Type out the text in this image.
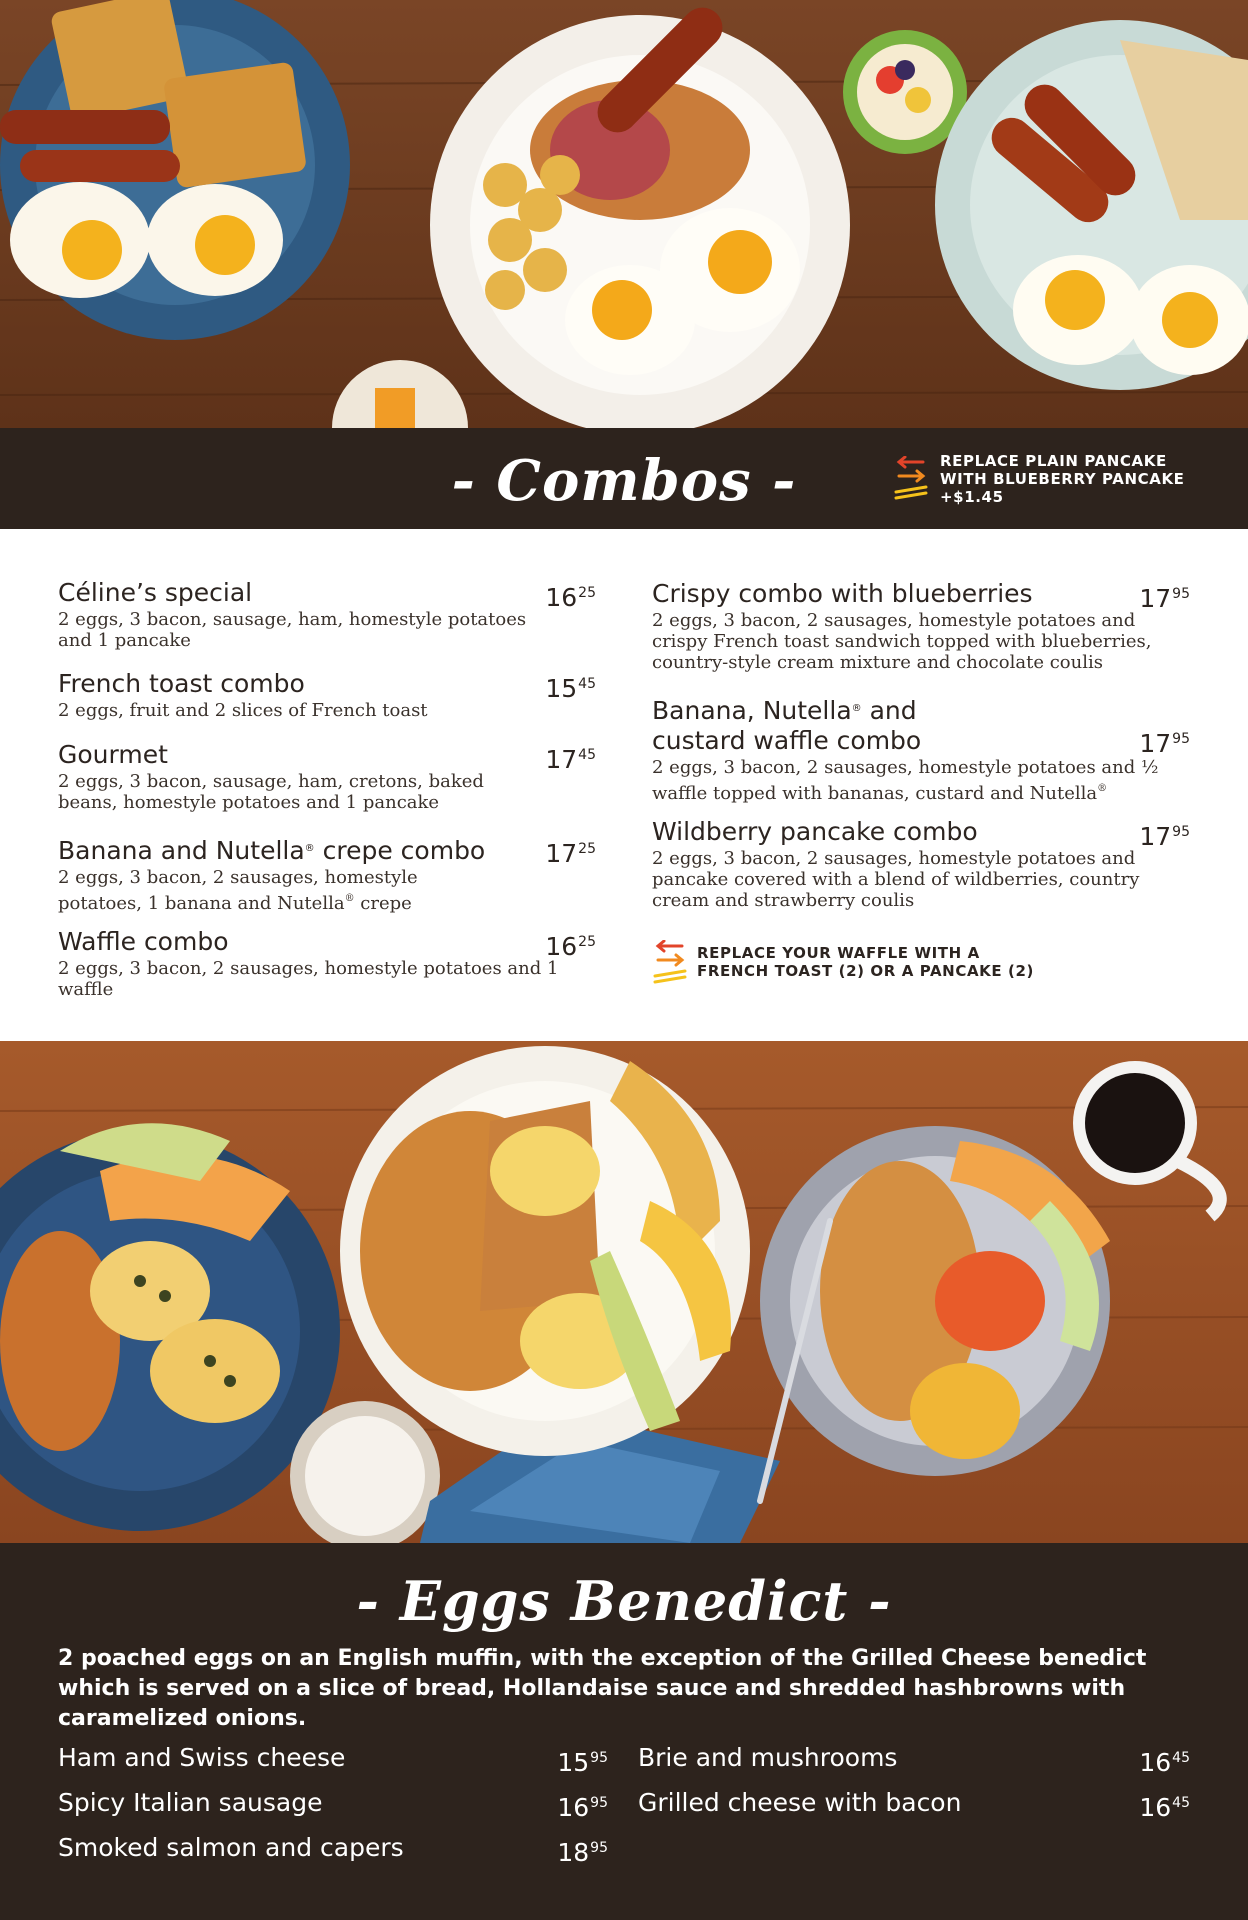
- Combos -	REPLACE PLAIN PANCAKE WITH BLUEBERRY PANCAKE +$1.45
Céline’s special	$16^{25}$
2 eggs, 3 bacon, sausage, ham, homestyle potatoes and 1 pancake
French toast combo	$15^{45}$
2 eggs, fruit and 2 slices of French toast
Gourmet	$17^{45}$
2 eggs, 3 bacon, sausage, ham, cretons, baked beans, homestyle potatoes and 1 pancake
Banana and Nutella® crepe combo	$17^{25}$
2 eggs, 3 bacon, 2 sausages, homestyle potatoes, 1 banana and Nutella® crepe
Waffle combo	$16^{25}$
2 eggs, 3 bacon, 2 sausages, homestyle potatoes and 1 waffle
Crispy combo with blueberries	$17^{95}$
2 eggs, 3 bacon, 2 sausages, homestyle potatoes and crispy French toast sandwich topped with blueberries, country-style cream mixture and chocolate coulis
Banana, Nutella® and
custard waffle combo	$17^{95}$
2 eggs, 3 bacon, 2 sausages, homestyle potatoes and ½ waffle topped with bananas, custard and Nutella®
Wildberry pancake combo	$17^{95}$
2 eggs, 3 bacon, 2 sausages, homestyle potatoes and pancake covered with a blend of wildberries, country cream and strawberry coulis
REPLACE YOUR WAFFLE WITH A FRENCH TOAST (2) OR A PANCAKE (2)
- Eggs Benedict -
2 poached eggs on an English muffin, with the exception of the Grilled Cheese benedict which is served on a slice of bread, Hollandaise sauce and shredded hashbrowns with caramelized onions.
Ham and Swiss cheese	$15^{95}$
Spicy Italian sausage	$16^{95}$
Smoked salmon and capers	$18^{95}$
Brie and mushrooms	$16^{45}$
Grilled cheese with bacon	$16^{45}$
